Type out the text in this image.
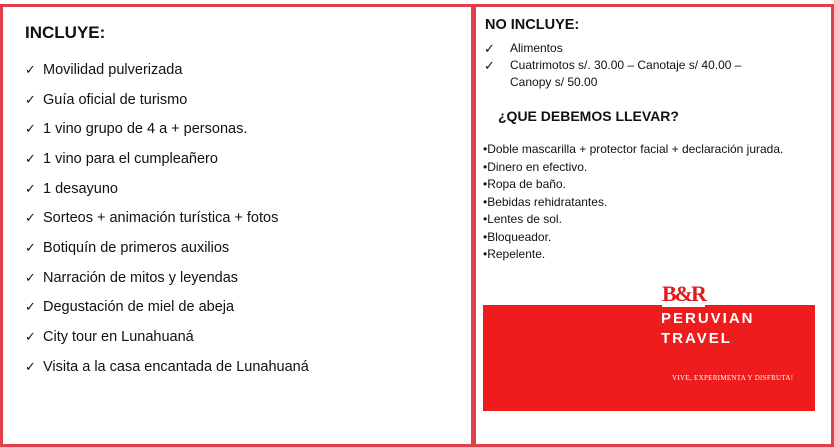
INCLUYE:
✓ Movilidad pulverizada
✓ Guía oficial de turismo
✓ 1 vino grupo de 4 a + personas.
✓ 1 vino para el cumpleañero
✓ 1 desayuno
✓ Sorteos + animación turística + fotos
✓ Botiquín de primeros auxilios
✓ Narración de mitos y leyendas
✓ Degustación de miel de abeja
✓ City tour en Lunahuaná
✓ Visita a la casa encantada de Lunahuaná
NO INCLUYE:
✓	Alimentos
✓	Cuatrimotos s/. 30.00 – Canotaje s/ 40.00 – Canopy s/ 50.00
¿QUE DEBEMOS LLEVAR?
•Doble mascarilla + protector facial + declaración jurada.
•Dinero en efectivo.
•Ropa de baño.
•Bebidas rehidratantes.
•Lentes de sol.
•Bloqueador.
•Repelente.
B&R
PERUVIAN
TRAVEL
VIVE, EXPERIMENTA Y DISFRUTA!
